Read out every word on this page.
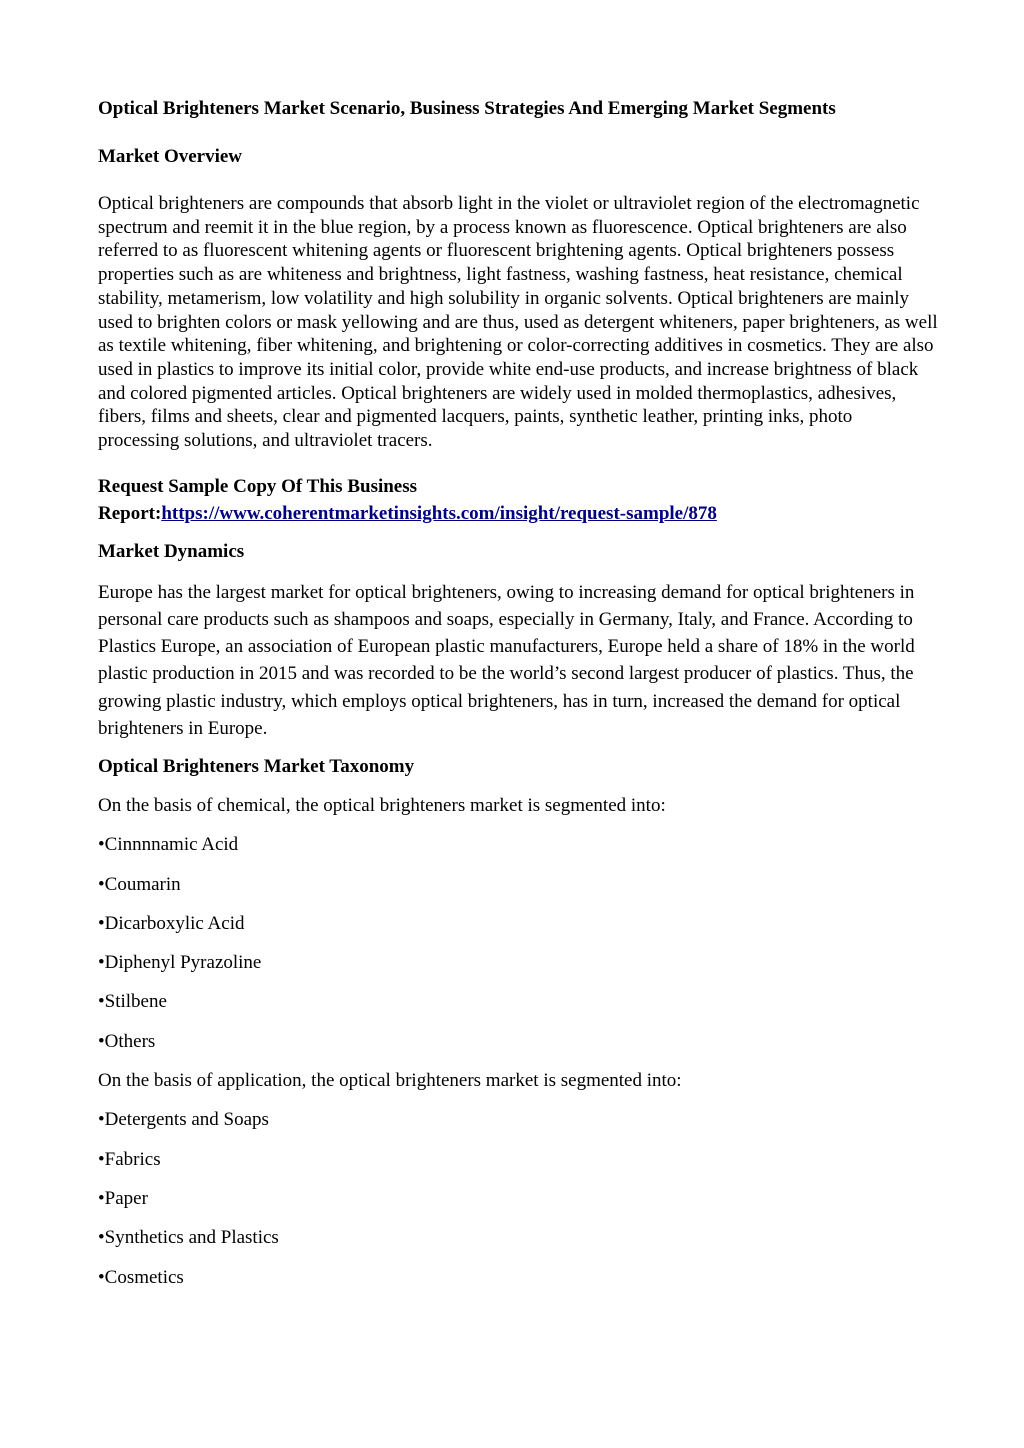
Optical Brighteners Market Scenario, Business Strategies And Emerging Market Segments
Market Overview

Optical brighteners are compounds that absorb light in the violet or ultraviolet region of the electromagnetic spectrum and reemit it in the blue region, by a process known as fluorescence. Optical brighteners are also referred to as fluorescent whitening agents or fluorescent brightening agents. Optical brighteners possess properties such as are whiteness and brightness, light fastness, washing fastness, heat resistance, chemical stability, metamerism, low volatility and high solubility in organic solvents. Optical brighteners are mainly used to brighten colors or mask yellowing and are thus, used as detergent whiteners, paper brighteners, as well as textile whitening, fiber whitening, and brightening or color-correcting additives in cosmetics. They are also used in plastics to improve its initial color, provide white end-use products, and increase brightness of black and colored pigmented articles. Optical brighteners are widely used in molded thermoplastics, adhesives, fibers, films and sheets, clear and pigmented lacquers, paints, synthetic leather, printing inks, photo processing solutions, and ultraviolet tracers.

Request Sample Copy Of This Business Report:https://www.coherentmarketinsights.com/insight/request-sample/878
Market Dynamics

Europe has the largest market for optical brighteners, owing to increasing demand for optical brighteners in personal care products such as shampoos and soaps, especially in Germany, Italy, and France. According to Plastics Europe, an association of European plastic manufacturers, Europe held a share of 18% in the world plastic production in 2015 and was recorded to be the world’s second largest producer of plastics. Thus, the growing plastic industry, which employs optical brighteners, has in turn, increased the demand for optical brighteners in Europe.

Optical Brighteners Market Taxonomy
On the basis of chemical, the optical brighteners market is segmented into:
•Cinnnnamic Acid
•Coumarin
•Dicarboxylic Acid
•Diphenyl Pyrazoline
•Stilbene
•Others
On the basis of application, the optical brighteners market is segmented into:
•Detergents and Soaps
•Fabrics
•Paper
•Synthetics and Plastics
•Cosmetics
